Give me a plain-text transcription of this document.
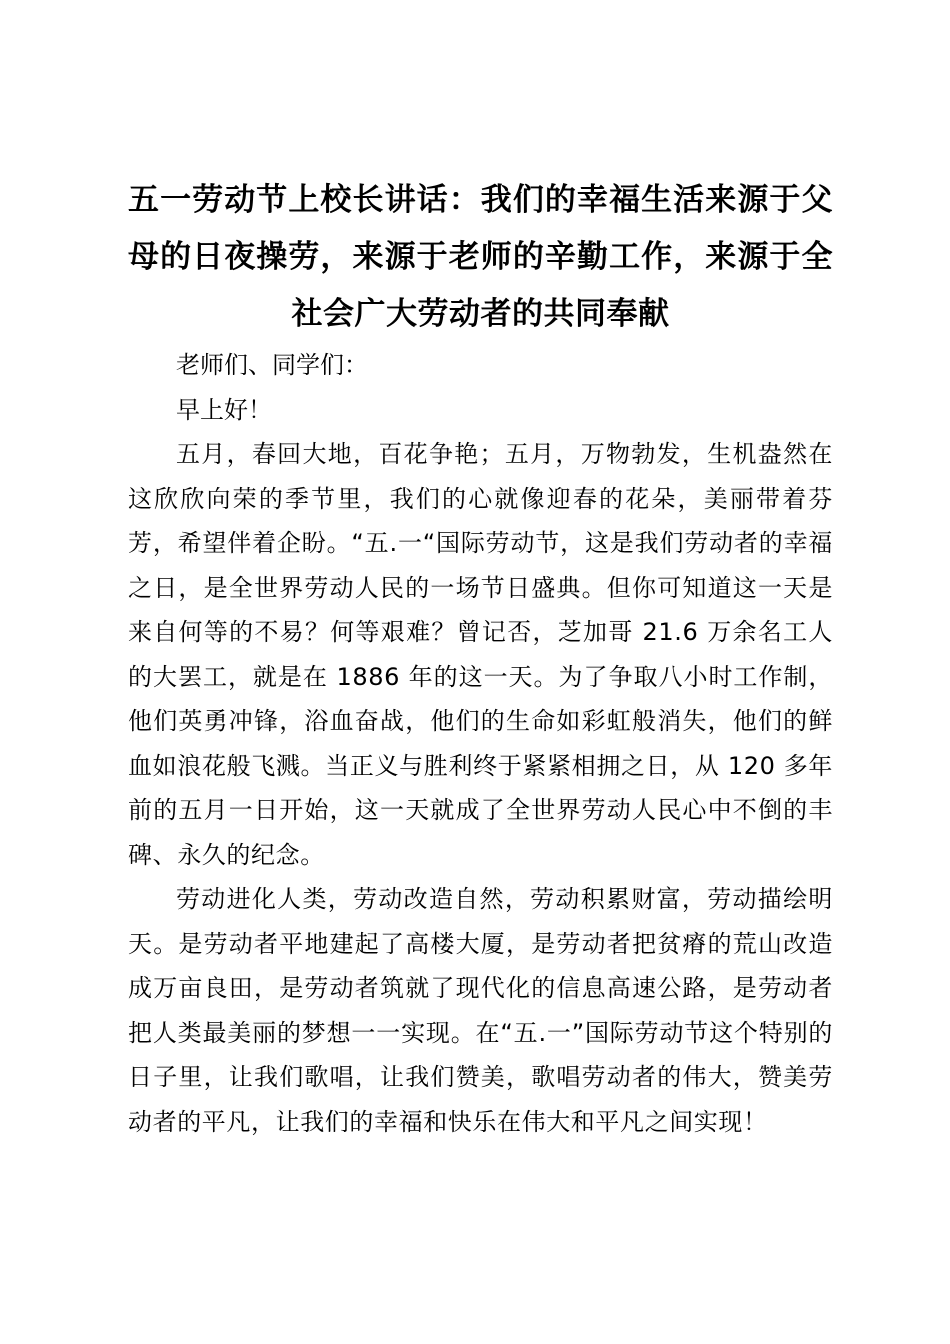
五一劳动节上校长讲话：我们的幸福生活来源于父母的日夜操劳，来源于老师的辛勤工作，来源于全社会广大劳动者的共同奉献

老师们、同学们：

早上好！

五月，春回大地，百花争艳；五月，万物勃发，生机盎然在这欣欣向荣的季节里，我们的心就像迎春的花朵，美丽带着芬芳，希望伴着企盼。“五.一“国际劳动节，这是我们劳动者的幸福之日，是全世界劳动人民的一场节日盛典。但你可知道这一天是来自何等的不易？何等艰难？曾记否，芝加哥 21.6 万余名工人的大罢工，就是在 1886 年的这一天。为了争取八小时工作制，他们英勇冲锋，浴血奋战，他们的生命如彩虹般消失，他们的鲜血如浪花般飞溅。当正义与胜利终于紧紧相拥之日，从 120 多年前的五月一日开始，这一天就成了全世界劳动人民心中不倒的丰碑、永久的纪念。

劳动进化人类，劳动改造自然，劳动积累财富，劳动描绘明天。是劳动者平地建起了高楼大厦，是劳动者把贫瘠的荒山改造成万亩良田，是劳动者筑就了现代化的信息高速公路，是劳动者把人类最美丽的梦想一一实现。在“五.一”国际劳动节这个特别的日子里，让我们歌唱，让我们赞美，歌唱劳动者的伟大，赞美劳动者的平凡，让我们的幸福和快乐在伟大和平凡之间实现！
